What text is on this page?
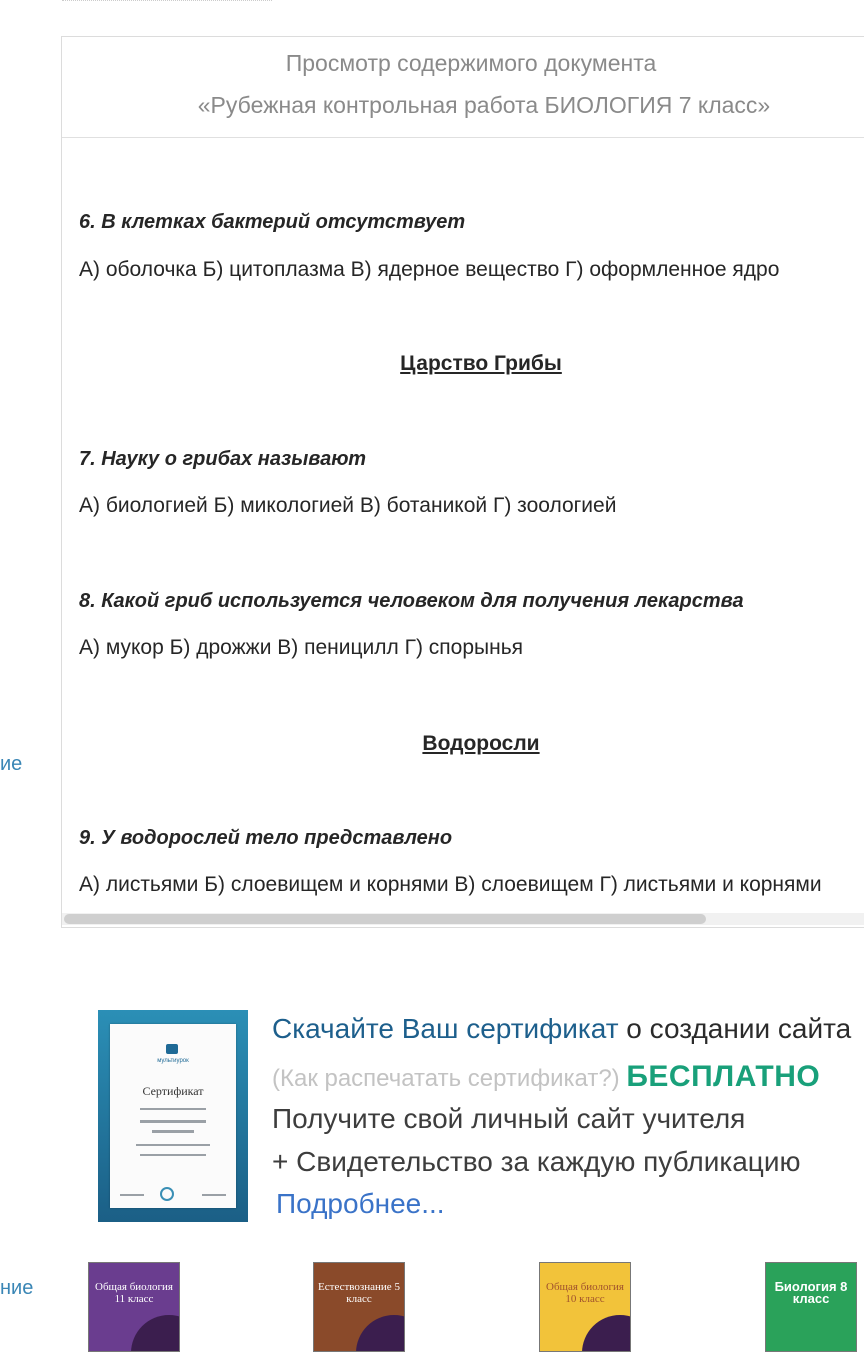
ие
ние
Просмотр содержимого документа
«Рубежная контрольная работа БИОЛОГИЯ 7 класс»
6. В клетках бактерий отсутствует
А) оболочка Б) цитоплазма В) ядерное вещество Г) оформленное ядро
Царство Грибы
7. Науку о грибах называют
А) биологией Б) микологией В) ботаникой Г) зоологией
8. Какой гриб используется человеком для получения лекарства
А) мукор Б) дрожжи В) пеницилл Г) спорынья
Водоросли
9. У водорослей тело представлено
А) листьями Б) слоевищем и корнями В) слоевищем Г) листьями и корнями
мультиурок
Сертификат
Скачайте Ваш сертификат о создании сайта
(Как распечатать сертификат?) БЕСПЛАТНО
Получите свой личный сайт учителя
+ Свидетельство за каждую публикацию
Подробнее...
Общая биология 11 класс
Естествознание 5 класс
Общая биология 10 класс
Биология 8 класс
